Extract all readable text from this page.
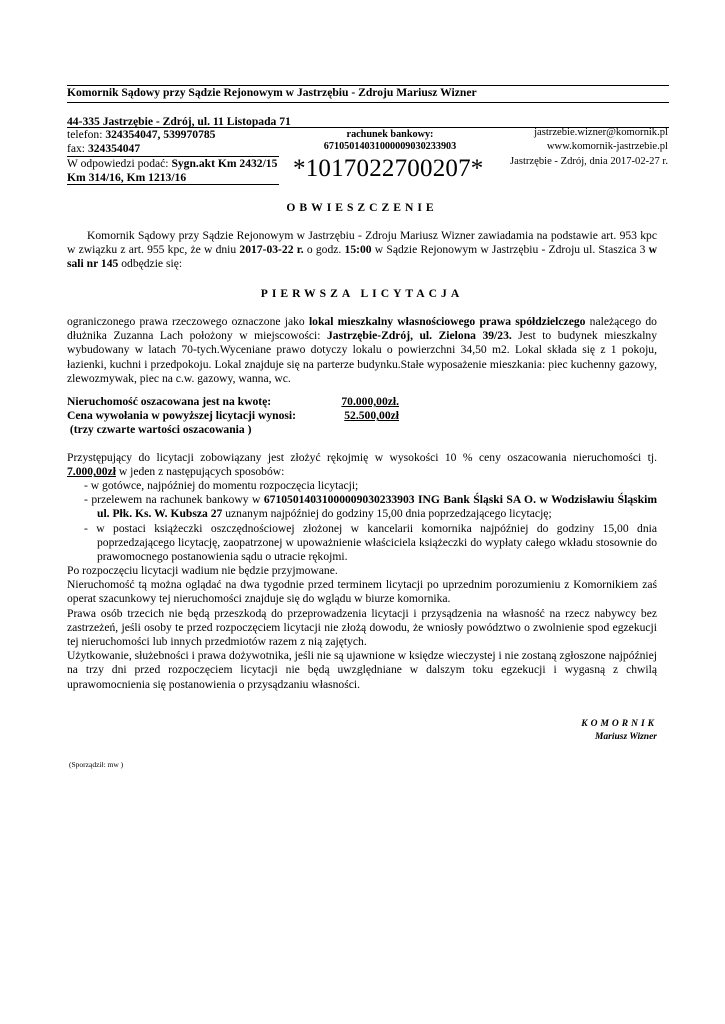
Komornik Sądowy przy Sądzie Rejonowym w Jastrzębiu - Zdroju Mariusz Wizner
44-335 Jastrzębie - Zdrój, ul. 11 Listopada 71
telefon: 324354047, 539970785
fax: 324354047
rachunek bankowy:
67105014031000009030233903
jastrzebie.wizner@komornik.pl
www.komornik-jastrzebie.pl
W odpowiedzi podać: Sygn.akt Km 2432/15
Km 314/16, Km 1213/16	*1017022700207*	Jastrzębie - Zdrój, dnia 2017-02-27 r.
OBWIESZCZENIE
Komornik Sądowy przy Sądzie Rejonowym w Jastrzębiu - Zdroju Mariusz Wizner zawiadamia na podstawie art. 953 kpc w związku z art. 955 kpc, że w dniu 2017-03-22 r. o godz. 15:00 w Sądzie Rejonowym w Jastrzębiu - Zdroju ul. Staszica 3 w sali nr 145 odbędzie się:
PIERWSZA LICYTACJA
ograniczonego prawa rzeczowego oznaczone jako lokal mieszkalny własnościowego prawa spółdzielczego należącego do dłużnika Zuzanna Lach położony w miejscowości: Jastrzębie-Zdrój, ul. Zielona 39/23. Jest to budynek mieszkalny wybudowany w latach 70-tych.Wyceniane prawo dotyczy lokalu o powierzchni 34,50 m2. Lokal składa się z 1 pokoju, łazienki, kuchni i przedpokoju. Lokal znajduje się na parterze budynku.Stałe wyposażenie mieszkania: piec kuchenny gazowy, zlewozmywak, piec na c.w. gazowy, wanna, wc.
Nieruchomość oszacowana jest na kwotę:	70.000,00zł.
Cena wywołania w powyższej licytacji wynosi:	52.500,00zł
(trzy czwarte wartości oszacowania )	
Przystępujący do licytacji zobowiązany jest złożyć rękojmię w wysokości 10 % ceny oszacowania nieruchomości tj. 7.000,00zł w jeden z następujących sposobów:
- w gotówce, najpóźniej do momentu rozpoczęcia licytacji;
- przelewem na rachunek bankowy w 67105014031000009030233903 ING Bank Śląski SA O. w Wodzisławiu Śląskim ul. Płk. Ks. W. Kubsza 27 uznanym najpóźniej do godziny 15,00 dnia poprzedzającego licytację;
- w postaci książeczki oszczędnościowej złożonej w kancelarii komornika najpóźniej do godziny 15,00 dnia poprzedzającego licytację, zaopatrzonej w upoważnienie właściciela książeczki do wypłaty całego wkładu stosownie do prawomocnego postanowienia sądu o utracie rękojmi.
Po rozpoczęciu licytacji wadium nie będzie przyjmowane.
Nieruchomość tą można oglądać na dwa tygodnie przed terminem licytacji po uprzednim porozumieniu z Komornikiem zaś operat szacunkowy tej nieruchomości znajduje się do wglądu w biurze komornika.
Prawa osób trzecich nie będą przeszkodą do przeprowadzenia licytacji i przysądzenia na własność na rzecz nabywcy bez zastrzeżeń, jeśli osoby te przed rozpoczęciem licytacji nie złożą dowodu, że wniosły powództwo o zwolnienie spod egzekucji tej nieruchomości lub innych przedmiotów razem z nią zajętych.
Użytkowanie, służebności i prawa dożywotnika, jeśli nie są ujawnione w księdze wieczystej i nie zostaną zgłoszone najpóźniej na trzy dni przed rozpoczęciem licytacji nie będą uwzględniane w dalszym toku egzekucji i wygasną z chwilą uprawomocnienia się postanowienia o przysądzaniu własności.
KOMORNIK
Mariusz Wizner
(Sporządził: mw )
